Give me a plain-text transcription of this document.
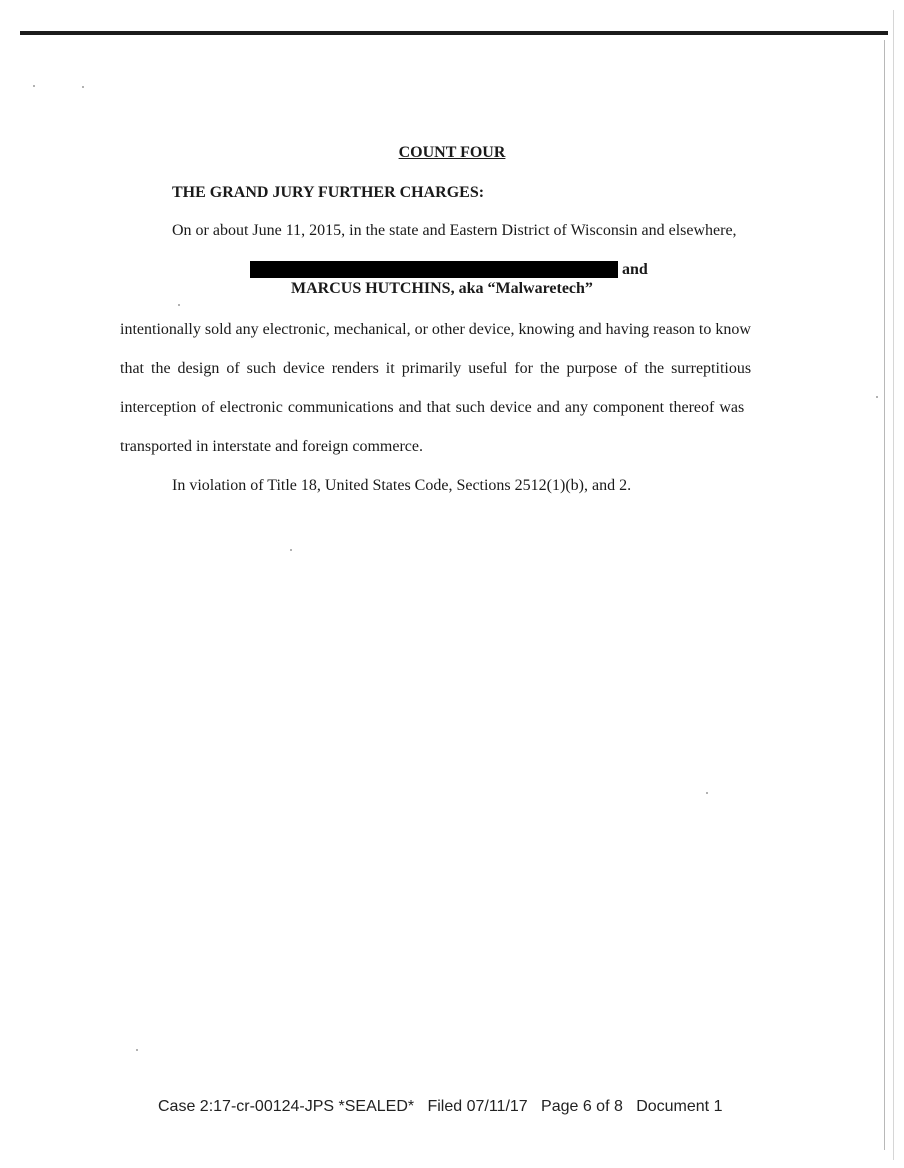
COUNT FOUR
THE GRAND JURY FURTHER CHARGES:
On or about June 11, 2015, in the state and Eastern District of Wisconsin and elsewhere,
and
MARCUS HUTCHINS, aka “Malwaretech”
intentionally sold any electronic, mechanical, or other device, knowing and having reason to know
that the design of such device renders it primarily useful for the purpose of the surreptitious
interception of electronic communications and that such device and any component thereof was
transported in interstate and foreign commerce.
In violation of Title 18, United States Code, Sections 2512(1)(b), and 2.
Case 2:17-cr-00124-JPS *SEALED*   Filed 07/11/17   Page 6 of 8   Document 1
